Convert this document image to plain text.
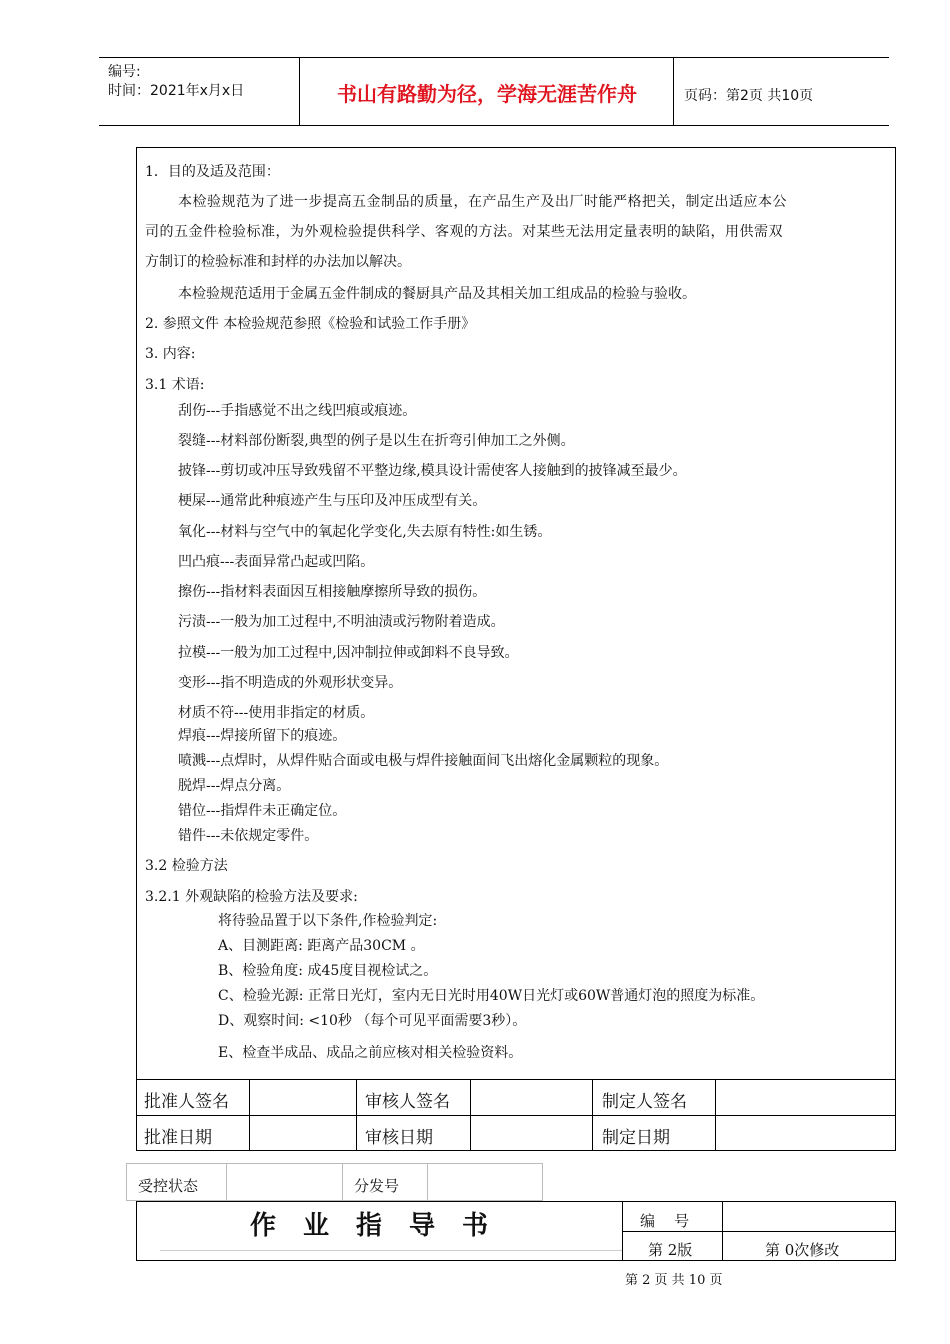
编号:
时间：2021年x月x日	书山有路勤为径，学海无涯苦作舟	页码：第2页 共10页
1．目的及适及范围：
本检验规范为了进一步提高五金制品的质量，在产品生产及出厂时能严格把关，制定出适应本公
司的五金件检验标准，为外观检验提供科学、客观的方法。对某些无法用定量表明的缺陷，用供需双
方制订的检验标准和封样的办法加以解决。
本检验规范适用于金属五金件制成的餐厨具产品及其相关加工组成品的检验与验收。
2. 参照文件 本检验规范参照《检验和试验工作手册》
3. 内容:
3.1 术语:
刮伤---手指感觉不出之线凹痕或痕迹。
裂缝---材料部份断裂,典型的例子是以生在折弯引伸加工之外侧。
披锋---剪切或冲压导致残留不平整边缘,模具设计需使客人接触到的披锋减至最少。
梗屎---通常此种痕迹产生与压印及冲压成型有关。
氧化---材料与空气中的氧起化学变化,失去原有特性:如生锈。
凹凸痕---表面异常凸起或凹陷。
擦伤---指材料表面因互相接触摩擦所导致的损伤。
污渍---一般为加工过程中,不明油渍或污物附着造成。
拉模---一般为加工过程中,因冲制拉伸或卸料不良导致。
变形---指不明造成的外观形状变异。
材质不符---使用非指定的材质。
焊痕---焊接所留下的痕迹。
喷溅---点焊时，从焊件贴合面或电极与焊件接触面间飞出熔化金属颗粒的现象。
脱焊---焊点分离。
错位---指焊件未正确定位。
错件---未依规定零件。
3.2 检验方法
3.2.1 外观缺陷的检验方法及要求:
将待验品置于以下条件,作检验判定:
A、目测距离: 距离产品30CM 。
B、检验角度: 成45度目视检试之。
C、检验光源: 正常日光灯，室内无日光时用40W日光灯或60W普通灯泡的照度为标准。
D、观察时间: <10秒 （每个可见平面需要3秒）。
E、检查半成品、成品之前应核对相关检验资料。
批准人签名	审核人签名	制定人签名
批准日期	审核日期	制定日期
受控状态	分发号
作业指导书	编    号
第 2版	第 0次修改
第 2 页 共 10 页
